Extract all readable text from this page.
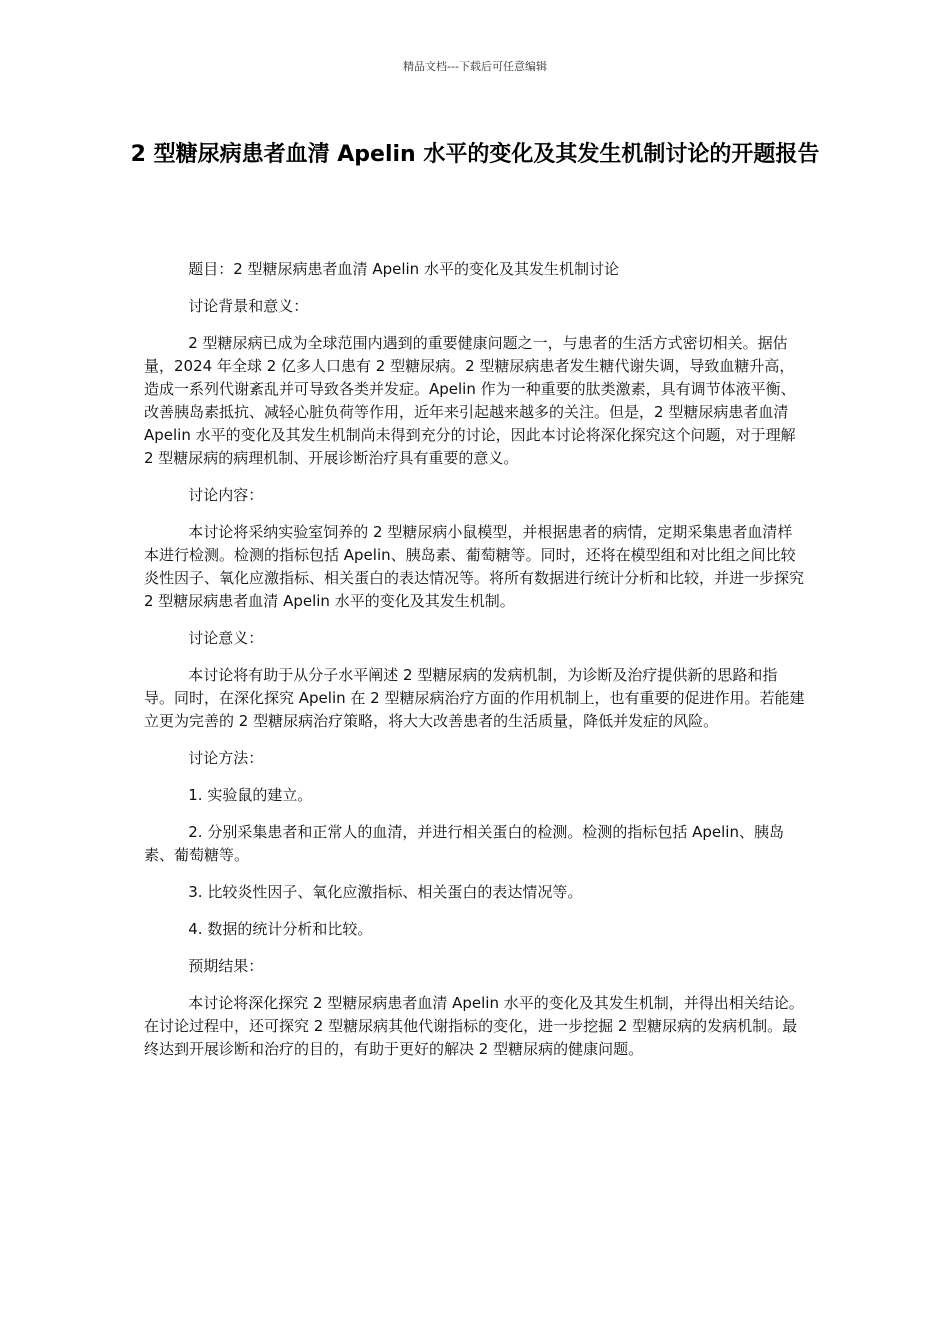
精品文档---下载后可任意编辑
2 型糖尿病患者血清 Apelin 水平的变化及其发生机制讨论的开题报告

题目：2 型糖尿病患者血清 Apelin 水平的变化及其发生机制讨论

讨论背景和意义：

2 型糖尿病已成为全球范围内遇到的重要健康问题之一，与患者的生活方式密切相关。据估量，2024 年全球 2 亿多人口患有 2 型糖尿病。2 型糖尿病患者发生糖代谢失调，导致血糖升高，造成一系列代谢紊乱并可导致各类并发症。Apelin 作为一种重要的肽类激素，具有调节体液平衡、改善胰岛素抵抗、减轻心脏负荷等作用，近年来引起越来越多的关注。但是，2 型糖尿病患者血清 Apelin 水平的变化及其发生机制尚未得到充分的讨论，因此本讨论将深化探究这个问题，对于理解 2 型糖尿病的病理机制、开展诊断治疗具有重要的意义。

讨论内容：

本讨论将采纳实验室饲养的 2 型糖尿病小鼠模型，并根据患者的病情，定期采集患者血清样本进行检测。检测的指标包括 Apelin、胰岛素、葡萄糖等。同时，还将在模型组和对比组之间比较炎性因子、氧化应激指标、相关蛋白的表达情况等。将所有数据进行统计分析和比较，并进一步探究 2 型糖尿病患者血清 Apelin 水平的变化及其发生机制。

讨论意义：

本讨论将有助于从分子水平阐述 2 型糖尿病的发病机制，为诊断及治疗提供新的思路和指导。同时，在深化探究 Apelin 在 2 型糖尿病治疗方面的作用机制上，也有重要的促进作用。若能建立更为完善的 2 型糖尿病治疗策略，将大大改善患者的生活质量，降低并发症的风险。

讨论方法：

1. 实验鼠的建立。

2. 分别采集患者和正常人的血清，并进行相关蛋白的检测。检测的指标包括 Apelin、胰岛素、葡萄糖等。

3. 比较炎性因子、氧化应激指标、相关蛋白的表达情况等。

4. 数据的统计分析和比较。

预期结果：

本讨论将深化探究 2 型糖尿病患者血清 Apelin 水平的变化及其发生机制，并得出相关结论。在讨论过程中，还可探究 2 型糖尿病其他代谢指标的变化，进一步挖掘 2 型糖尿病的发病机制。最终达到开展诊断和治疗的目的，有助于更好的解决 2 型糖尿病的健康问题。
